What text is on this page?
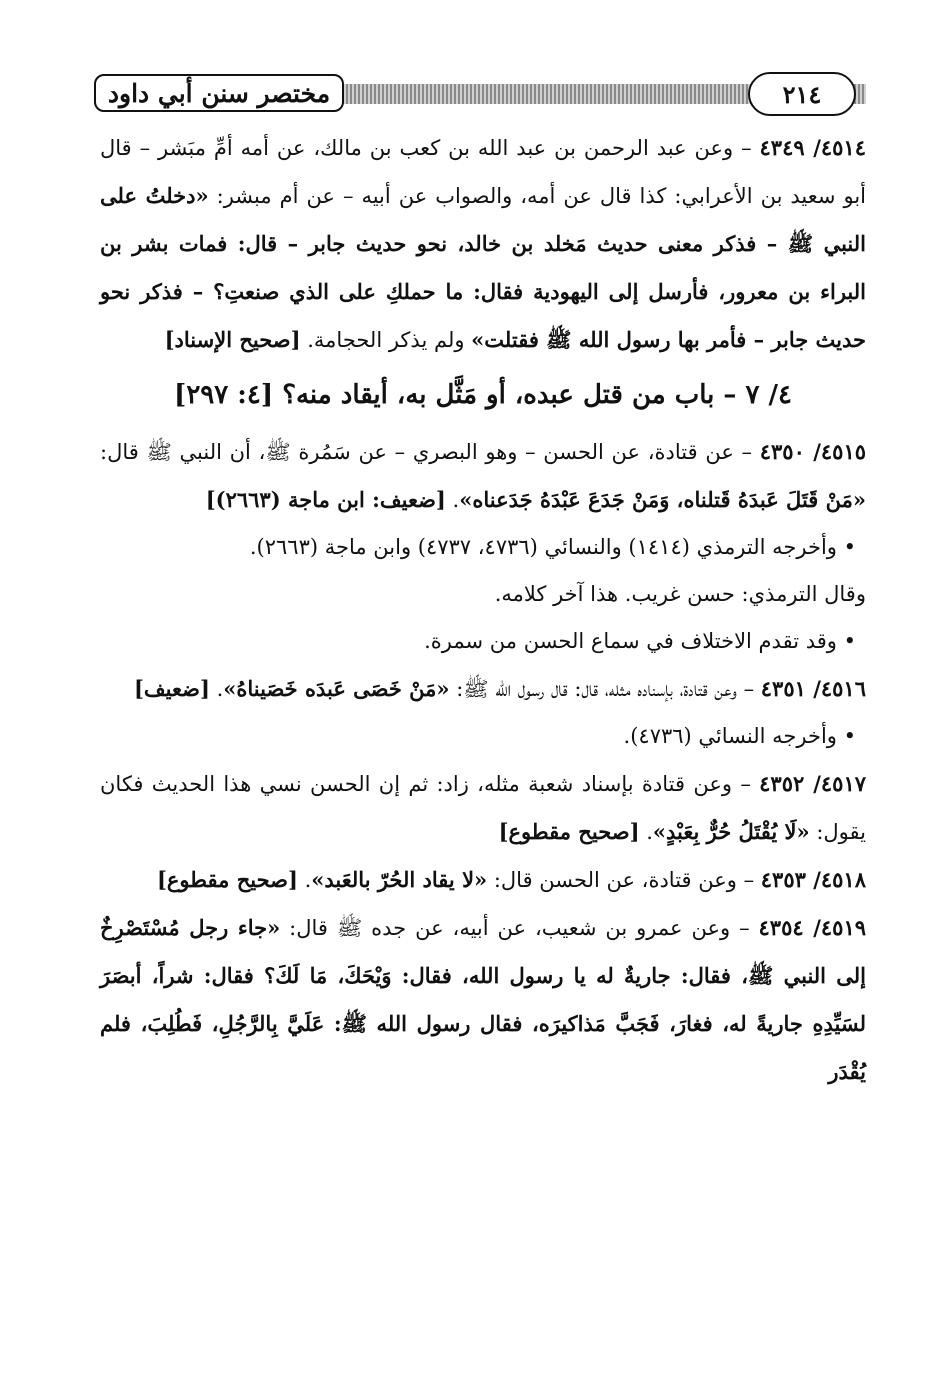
مختصر سنن أبي داود	٢١٤

٤٥١٤/ ٤٣٤٩ – وعن عبد الرحمن بن عبد الله بن كعب بن مالك، عن أمه أمِّ مبَشر – قال أبو سعيد بن الأعرابي: كذا قال عن أمه، والصواب عن أبيه – عن أم مبشر: «دخلتُ على النبي ﷺ – فذكر معنى حديث مَخلد بن خالد، نحو حديث جابر – قال: فمات بشر بن البراء بن معرور، فأرسل إلى اليهودية فقال: ما حملكِ على الذي صنعتِ؟ – فذكر نحو حديث جابر – فأمر بها رسول الله ﷺ فقتلت» ولم يذكر الحجامة. [صحيح الإسناد]

٤/ ٧ – باب من قتل عبده، أو مَثَّل به، أيقاد منه؟ [٤: ٢٩٧]

٤٥١٥/ ٤٣٥٠ – عن قتادة، عن الحسن – وهو البصري – عن سَمُرة ﷺ، أن النبي ﷺ قال: «مَنْ قَتَلَ عَبدَهُ قَتلناه، وَمَنْ جَدَعَ عَبْدَهُ جَدَعناه». [ضعيف: ابن ماجة (٢٦٦٣)]

• وأخرجه الترمذي (١٤١٤) والنسائي (٤٧٣٦، ٤٧٣٧) وابن ماجة (٢٦٦٣).

وقال الترمذي: حسن غريب. هذا آخر كلامه.

• وقد تقدم الاختلاف في سماع الحسن من سمرة.

٤٥١٦/ ٤٣٥١ – وعن قتادة، بإسناده مثله، قال: قال رسول الله ﷺ: «مَنْ خَصَى عَبدَه خَصَيناهُ». [ضعيف]

• وأخرجه النسائي (٤٧٣٦).

٤٥١٧/ ٤٣٥٢ – وعن قتادة بإسناد شعبة مثله، زاد: ثم إن الحسن نسي هذا الحديث فكان يقول: «لَا يُقْتَلُ حُرٌّ بِعَبْدٍ». [صحيح مقطوع]

٤٥١٨/ ٤٣٥٣ – وعن قتادة، عن الحسن قال: «لا يقاد الحُرّ بالعَبد». [صحيح مقطوع]

٤٥١٩/ ٤٣٥٤ – وعن عمرو بن شعيب، عن أبيه، عن جده ﷺ قال: «جاء رجل مُسْتَصْرِخٌ إلى النبي ﷺ، فقال: جاريةٌ له يا رسول الله، فقال: وَيْحَكَ، مَا لَكَ؟ فقال: شراً، أبصَرَ لسَيِّدِهِ جاريةً له، فغارَ، فَجَبَّ مَذاكيرَه، فقال رسول الله ﷺ: عَلَيَّ بِالرَّجُلِ، فَطُلِبَ، فلم يُقْدَر
